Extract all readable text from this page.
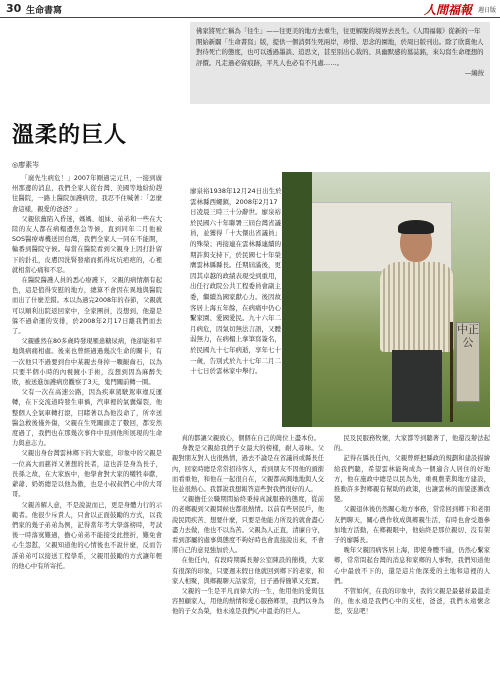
30 生命書寫	人間福報 週日版
佛家將死亡稱為「往生」——往更美的地方去重生，往更解脫的境界去長生。《人間福報》從新的一年開始新闢「生命書寫」版，提供一個消弭生死兩岸，珍惜、思念的園地，於周日版刊出。除了欣賞他人對待死亡的態度，也可以透過墨談、追思文，甚至別出心裁的、具幽默感的墓誌銘，來勾寫生命理想的評價。凡走過必留痕跡，平凡人也必有不凡處……。
—編按
溫柔的巨人
◎廖素岑

「廣先生病危！」2007年剛過完元旦，一接到廣州那邊的消息，我們全家人從台灣、美國等地紛紛趕往醫院，一路上醫院加護病房，我忍不住喊著：「怎麼會這樣，親愛的爸爸？」

父親依舊陷入昏迷，媽媽、姐妹、弟弟和一些在大陸的友人都在病榻邊焦急等候，直到同年二月他被SOS醫療專機送回台灣，我們全家人一同在不能開，輪番到醫院守候。每當在醫院看到父親身上因打針留下的針孔，皮膚因洗腎發痛而抓得坑坑疤疤的，心裡就相當心痛和不忍。

在醫院醫護人員的悉心療護下，父親的病情漸有起色，這是值得安慰的地方，總算不會因在異地與醫院而出了什麼差錯。本以為過完2008年的春節，父親就可以順利出院返回家中，全家團員，沒想到，他還是躲不過命運的安排，於2008年2月17日離我們而去了。

父親雖然在80多歲時發現罹患糖尿病，他卻能和平地與病痛相處。後來也曾經過過幾次生命的關卡，有一次他只不過要到台中某親去身掉一顆齦齒石，以為只要半個小時的內視鏡小手術，沒想到因為麻醉失敗，被送進加護病房觀察了3天，鬼門關前轉一圈。

父有一次在高速公路，因為疾車駕駛駕車違反運轉，在下交流道時發生車禍，汽車裡的氣囊爆裂，他整個人全氣車轉打滾，目睹著以為他沒命了，所幸送醫急救後僅外傷，父親在生死關頭走了數回，都安然度過了，我們也在那幾次事件中見到他所展現的生命力與意志力。

父親出身台灣雲林鄉下的大家庭，印象中的父親是一位高大而慈祥又著想的長者，這也許是身為長子，長孫之故，在大家族中，他學會對大家的犧牲奉獻，爺爺、奶奶總是以他為傲，也是小叔叔們心中的大哥哥。

父親善解人意，不是說說而已，更是身體力行的示範者。他很少斥責人，只會以正面鼓勵的方式，以我們家的幾子弟弟為例，記得當年考大學落榜時，考試後一時落寞難過，擔心弟弟不能接受此挫折，難免會心生怨懟，父親知道他的心情後也不說什麼，反而告訴弟弟可以接送工程學系，父親用鼓勵的方式讓年輕的他心中有所寄托。

廖泉裕1938年12月24日出生於雲林縣西螺鎮，2008年2月17日凌晨三時三十分辭世。廖泉裕於民國六十年聯署三屆台灣省議員，並獲得「十大傑出省議員」的殊榮；再接連在雲林縣連續的期許與支持下，於民國七十年榮膺雲林縣縣長。任期屆滿後，更因其卓越的政績表現受到重用，出任行政院公共工程委員會副主委，繼續為國家獻心力。後因故客居上海五年餘，在病痛中仍心繫家園、愛國愛民。九十六年二月病危，因氣切無法言語，又體弱無力，在病榻上拿筆寫簽名，於民國九十七年病逝，享年七十一歲，告別式於九十七年二月二十七日於雲林家中舉行。
中正公

真的都讓父親致心，個個在自己的崗位上盡本份。

身教是父親給我們子女最大的榜樣，耐人尋味。父親對朋友對人也很熱情，過去不論是在省議員或縣長任內，回家時總是常常招待客人，看到朋友不因他的頭銜而看重他，和他在一起很自在，父親都高興地地與人交往並很熱心。我都說我想報答這些對我們很好的人。

父親擔任公職期間始終秉持真誠服務的態度，從前的老鄉親到父親問候也都很熱情。以前有些居民戶，他說民間疾苦、想要什麼，只要是他能力所及的就會盡心盡力去做，他也不以為苦。父親為人正直，清廉自守，看到部屬的處事與態度不夠好時也會直接說出來，不會將自己的意見強加於人。

在他任內，有段時期縣長辦公室陳設的簡樸，大家有很深的印象，只要週末假日他就回到鄉下的老家，和家人相聚，與鄉親聊天話家常，日子過得簡單又充實。

父親的一生是平凡而偉大的一生，他用他的愛與包容照顧家人，用他的熱情和愛心服務鄉里，我們以身為他的子女為榮，他永遠是我們心中溫柔的巨人。

民及民服務牧懷，大家都等到聽著了，他還沒辦法起的。

記得在縣長任內，父親曾經把縣政的規劃和建設描繪給我們聽，希望雲林能夠成為一個適合人居住的好地方，他在施政中總是以民為先，重視農業與地方建設，推動許多對鄉親有幫助的政策，也讓雲林的面貌逐漸改變。

父親退休後仍然關心地方事務，常常回到鄉下和老朋友們聊天，關心農作收成與鄉親生活，有時也會受邀參加地方活動，在鄉親眼中，他始終是那位親切、沒有架子的廖縣長。

晚年父親因病客居上海，即使身體不適，仍然心繫家鄉，常常問起台灣的消息和家鄉的人事物，我們知道他心中最放不下的，還是這片他深愛的土地和這裡的人們。

不管如何，在我的印象中，我的父親是最慈祥最溫柔的，他永遠是我們心中的支柱，爸爸，我們永遠懷念您，安息吧！
